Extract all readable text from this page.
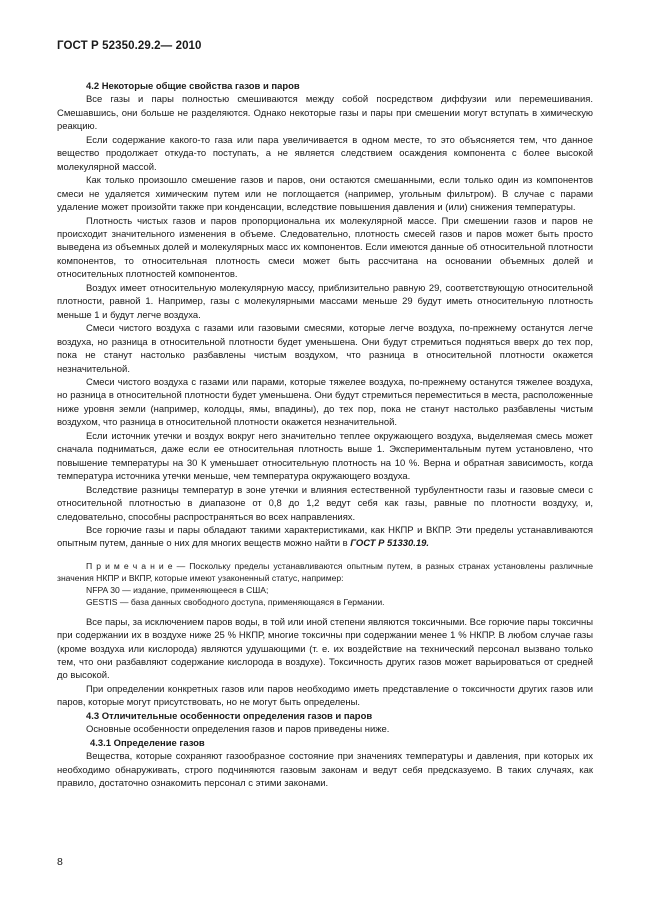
ГОСТ Р 52350.29.2— 2010

4.2 Некоторые общие свойства газов и паров

Все газы и пары полностью смешиваются между собой посредством диффузии или перемешивания. Смешавшись, они больше не разделяются. Однако некоторые газы и пары при смешении могут вступать в химическую реакцию.

Если содержание какого-то газа или пара увеличивается в одном месте, то это объясняется тем, что данное вещество продолжает откуда-то поступать, а не является следствием осаждения компонента с более высокой молекулярной массой.

Как только произошло смешение газов и паров, они остаются смешанными, если только один из компонентов смеси не удаляется химическим путем или не поглощается (например, угольным фильтром). В случае с парами удаление может произойти также при конденсации, вследствие повышения давления и (или) снижения температуры.

Плотность чистых газов и паров пропорциональна их молекулярной массе. При смешении газов и паров не происходит значительного изменения в объеме. Следовательно, плотность смесей газов и паров может быть просто выведена из объемных долей и молекулярных масс их компонентов. Если имеются данные об относительной плотности компонентов, то относительная плотность смеси может быть рассчитана на основании объемных долей и относительных плотностей компонентов.

Воздух имеет относительную молекулярную массу, приблизительно равную 29, соответствующую относительной плотности, равной 1. Например, газы с молекулярными массами меньше 29 будут иметь относительную плотность меньше 1 и будут легче воздуха.

Смеси чистого воздуха с газами или газовыми смесями, которые легче воздуха, по-прежнему останутся легче воздуха, но разница в относительной плотности будет уменьшена. Они будут стремиться подняться вверх до тех пор, пока не станут настолько разбавлены чистым воздухом, что разница в относительной плотности окажется незначительной.

Смеси чистого воздуха с газами или парами, которые тяжелее воздуха, по-прежнему останутся тяжелее воздуха, но разница в относительной плотности будет уменьшена. Они будут стремиться переместиться в места, расположенные ниже уровня земли (например, колодцы, ямы, впадины), до тех пор, пока не станут настолько разбавлены чистым воздухом, что разница в относительной плотности окажется незначительной.

Если источник утечки и воздух вокруг него значительно теплее окружающего воздуха, выделяемая смесь может сначала подниматься, даже если ее относительная плотность выше 1. Экспериментальным путем установлено, что повышение температуры на 30 К уменьшает относительную плотность на 10 %. Верна и обратная зависимость, когда температура источника утечки меньше, чем температура окружающего воздуха.

Вследствие разницы температур в зоне утечки и влияния естественной турбулентности газы и газовые смеси с относительной плотностью в диапазоне от 0,8 до 1,2 ведут себя как газы, равные по плотности воздуху, и, следовательно, способны распространяться во всех направлениях.

Все горючие газы и пары обладают такими характеристиками, как НКПР и ВКПР. Эти пределы устанавливаются опытным путем, данные о них для многих веществ можно найти в ГОСТ Р 51330.19.

П р и м е ч а н и е — Поскольку пределы устанавливаются опытным путем, в разных странах установлены различные значения НКПР и ВКПР, которые имеют узаконенный статус, например:

NFPA 30 — издание, применяющееся в США;

GESTIS — база данных свободного доступа, применяющаяся в Германии.

Все пары, за исключением паров воды, в той или иной степени являются токсичными. Все горючие пары токсичны при содержании их в воздухе ниже 25 % НКПР, многие токсичны при содержании менее 1 % НКПР. В любом случае газы (кроме воздуха или кислорода) являются удушающими (т. е. их воздействие на технический персонал вызвано только тем, что они разбавляют содержание кислорода в воздухе). Токсичность других газов может варьироваться от средней до высокой.

При определении конкретных газов или паров необходимо иметь представление о токсичности других газов или паров, которые могут присутствовать, но не могут быть определены.

4.3 Отличительные особенности определения газов и паров

Основные особенности определения газов и паров приведены ниже.

4.3.1 Определение газов

Вещества, которые сохраняют газообразное состояние при значениях температуры и давления, при которых их необходимо обнаруживать, строго подчиняются газовым законам и ведут себя предсказуемо. В таких случаях, как правило, достаточно ознакомить персонал с этими законами.

8
